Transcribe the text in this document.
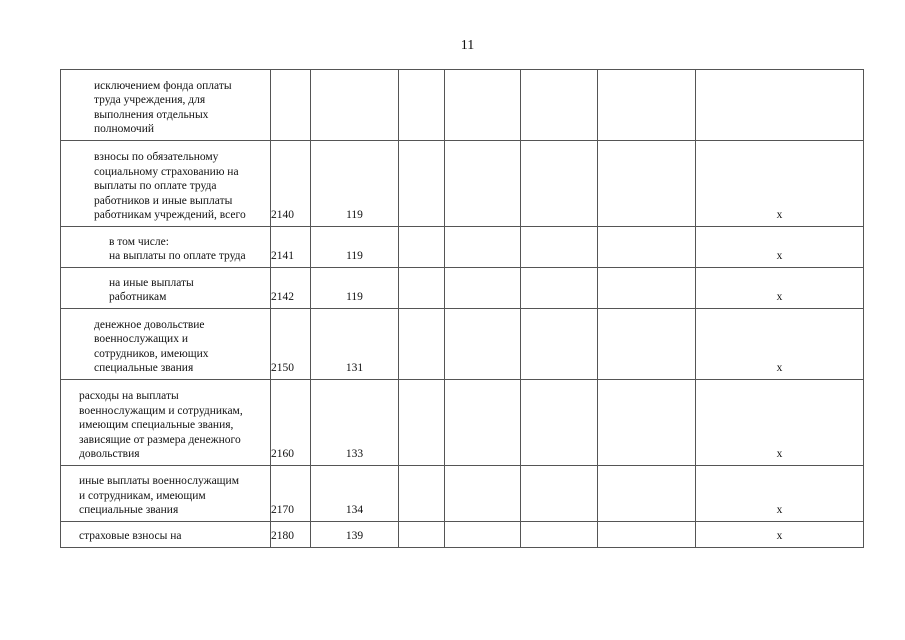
11
исключением фонда оплаты
труда учреждения, для
выполнения отдельных
полномочий							

взносы по обязательному
социальному страхованию на
выплаты по оплате труда
работников и иные выплаты
работникам учреждений, всего	2140	119					x

в том числе:
на выплаты по оплате труда	2141	119					x

на иные выплаты
работникам	2142	119					x

денежное довольствие
военнослужащих и
сотрудников, имеющих
специальные звания	2150	131					x

расходы на выплаты
военнослужащим и сотрудникам,
имеющим специальные звания,
зависящие от размера денежного
довольствия	2160	133					x

иные выплаты военнослужащим
и сотрудникам, имеющим
специальные звания	2170	134					x

страховые взносы на	2180	139					x
